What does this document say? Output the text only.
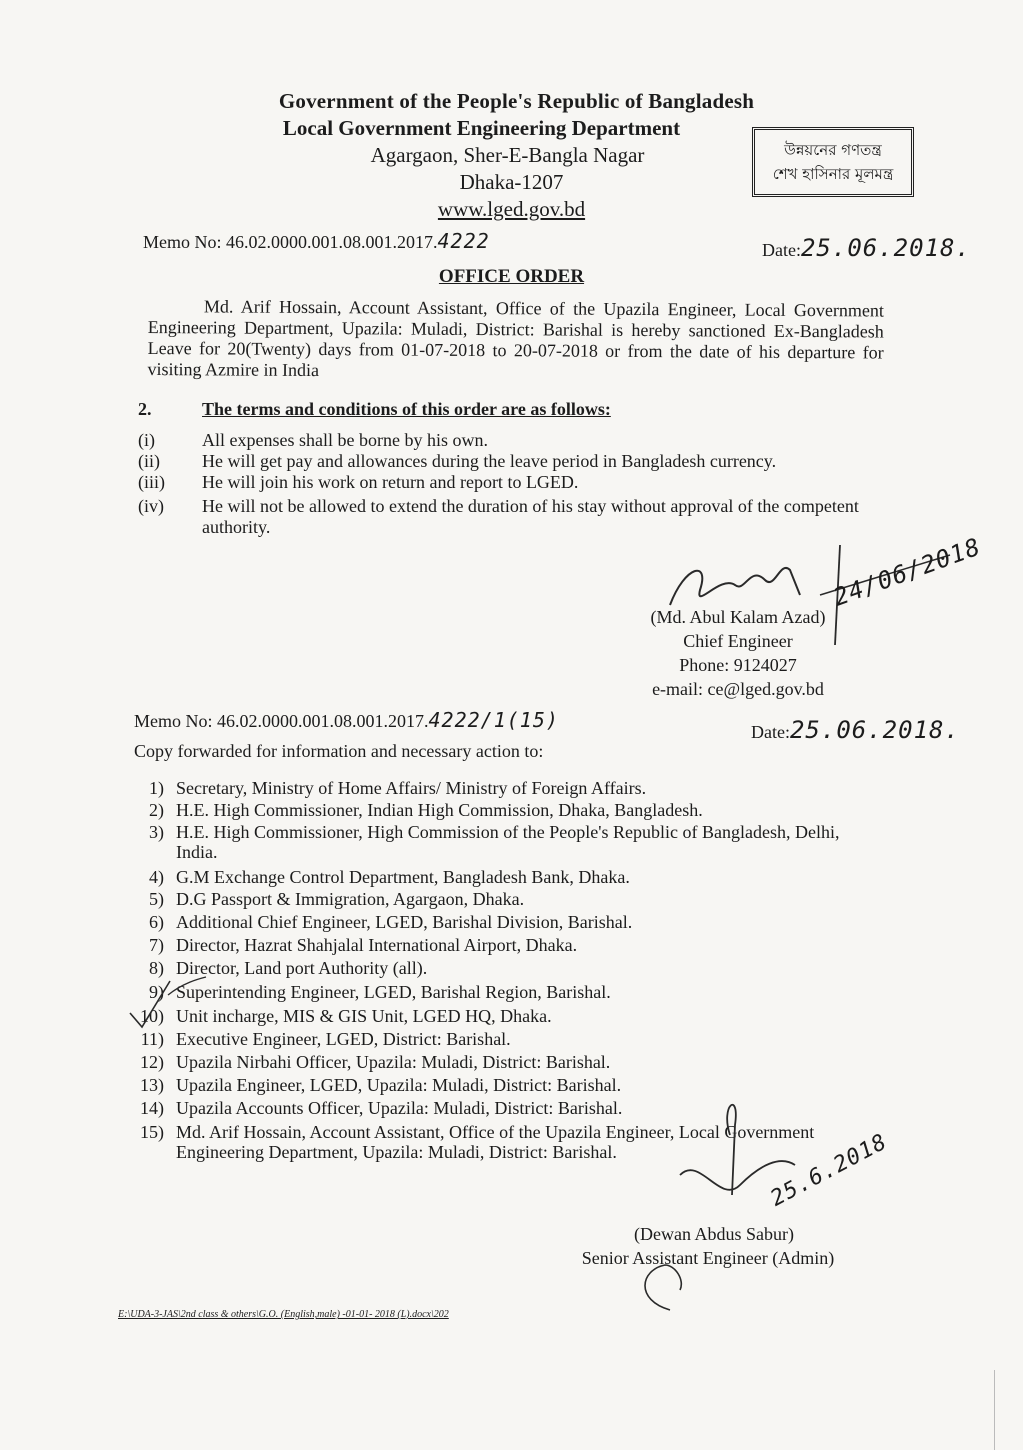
Government of the People's Republic of Bangladesh
Local Government Engineering Department
Agargaon, Sher-E-Bangla Nagar
Dhaka-1207
www.lged.gov.bd
উন্নয়নের গণতন্ত্র
শেখ হাসিনার মূলমন্ত্র
Memo No: 46.02.0000.001.08.001.2017.4222	Date:25.06.2018.
OFFICE ORDER
Md. Arif Hossain, Account Assistant, Office of the Upazila Engineer, Local Government Engineering Department, Upazila: Muladi, District: Barishal is hereby sanctioned Ex-Bangladesh Leave for 20(Twenty) days from 01-07-2018 to 20-07-2018 or from the date of his departure for visiting Azmire in India
2.	The terms and conditions of this order are as follows:
(i)	All expenses shall be borne by his own.
(ii)	He will get pay and allowances during the leave period in Bangladesh currency.
(iii)	He will join his work on return and report to LGED.
(iv)	He will not be allowed to extend the duration of his stay without approval of the competent authority.
24/06/2018
(Md. Abul Kalam Azad)
Chief Engineer
Phone: 9124027
e-mail: ce@lged.gov.bd
Memo No: 46.02.0000.001.08.001.2017.4222/1(15)	Date:25.06.2018.
Copy forwarded for information and necessary action to:
1) Secretary, Ministry of Home Affairs/ Ministry of Foreign Affairs.
2) H.E. High Commissioner, Indian High Commission, Dhaka, Bangladesh.
3) H.E. High Commissioner, High Commission of the People's Republic of Bangladesh, Delhi, India.
4) G.M Exchange Control Department, Bangladesh Bank, Dhaka.
5) D.G Passport & Immigration, Agargaon, Dhaka.
6) Additional Chief Engineer, LGED, Barishal Division, Barishal.
7) Director, Hazrat Shahjalal International Airport, Dhaka.
8) Director, Land port Authority (all).
9) Superintending Engineer, LGED, Barishal Region, Barishal.
10) Unit incharge, MIS & GIS Unit, LGED HQ, Dhaka.
11) Executive Engineer, LGED, District: Barishal.
12) Upazila Nirbahi Officer, Upazila: Muladi, District: Barishal.
13) Upazila Engineer, LGED, Upazila: Muladi, District: Barishal.
14) Upazila Accounts Officer, Upazila: Muladi, District: Barishal.
15) Md. Arif Hossain, Account Assistant, Office of the Upazila Engineer, Local Government Engineering Department, Upazila: Muladi, District: Barishal.	25.6.2018
(Dewan Abdus Sabur)
Senior Assistant Engineer (Admin)
E:\UDA-3-JAS\2nd class & others\G.O. (English,male) -01-01- 2018 (L).docx\202
